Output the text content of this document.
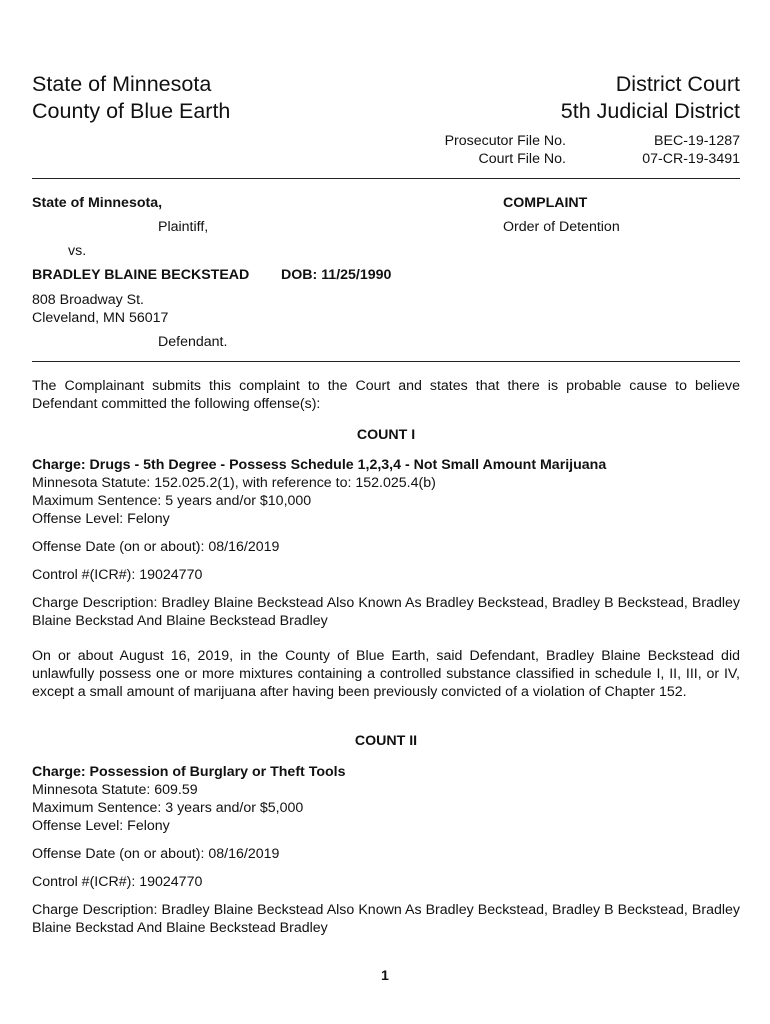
State of Minnesota
County of Blue Earth
District Court
5th Judicial District
Prosecutor File No.	BEC-19-1287
Court File No.	07-CR-19-3491
State of Minnesota,
Plaintiff,
vs.
BRADLEY BLAINE BECKSTEAD DOB: 11/25/1990
808 Broadway St.
Cleveland, MN 56017
Defendant.
COMPLAINT
Order of Detention
The Complainant submits this complaint to the Court and states that there is probable cause to believe Defendant committed the following offense(s):
COUNT I
Charge: Drugs - 5th Degree - Possess Schedule 1,2,3,4 - Not Small Amount Marijuana
Minnesota Statute: 152.025.2(1), with reference to: 152.025.4(b)
Maximum Sentence: 5 years and/or $10,000
Offense Level: Felony
Offense Date (on or about): 08/16/2019
Control #(ICR#): 19024770
Charge Description: Bradley Blaine Beckstead Also Known As Bradley Beckstead, Bradley B Beckstead, Bradley Blaine Beckstad And Blaine Beckstead Bradley
On or about August 16, 2019, in the County of Blue Earth, said Defendant, Bradley Blaine Beckstead did unlawfully possess one or more mixtures containing a controlled substance classified in schedule I, II, III, or IV, except a small amount of marijuana after having been previously convicted of a violation of Chapter 152.
COUNT II
Charge: Possession of Burglary or Theft Tools
Minnesota Statute: 609.59
Maximum Sentence: 3 years and/or $5,000
Offense Level: Felony
Offense Date (on or about): 08/16/2019
Control #(ICR#): 19024770
Charge Description: Bradley Blaine Beckstead Also Known As Bradley Beckstead, Bradley B Beckstead, Bradley Blaine Beckstad And Blaine Beckstead Bradley
1
